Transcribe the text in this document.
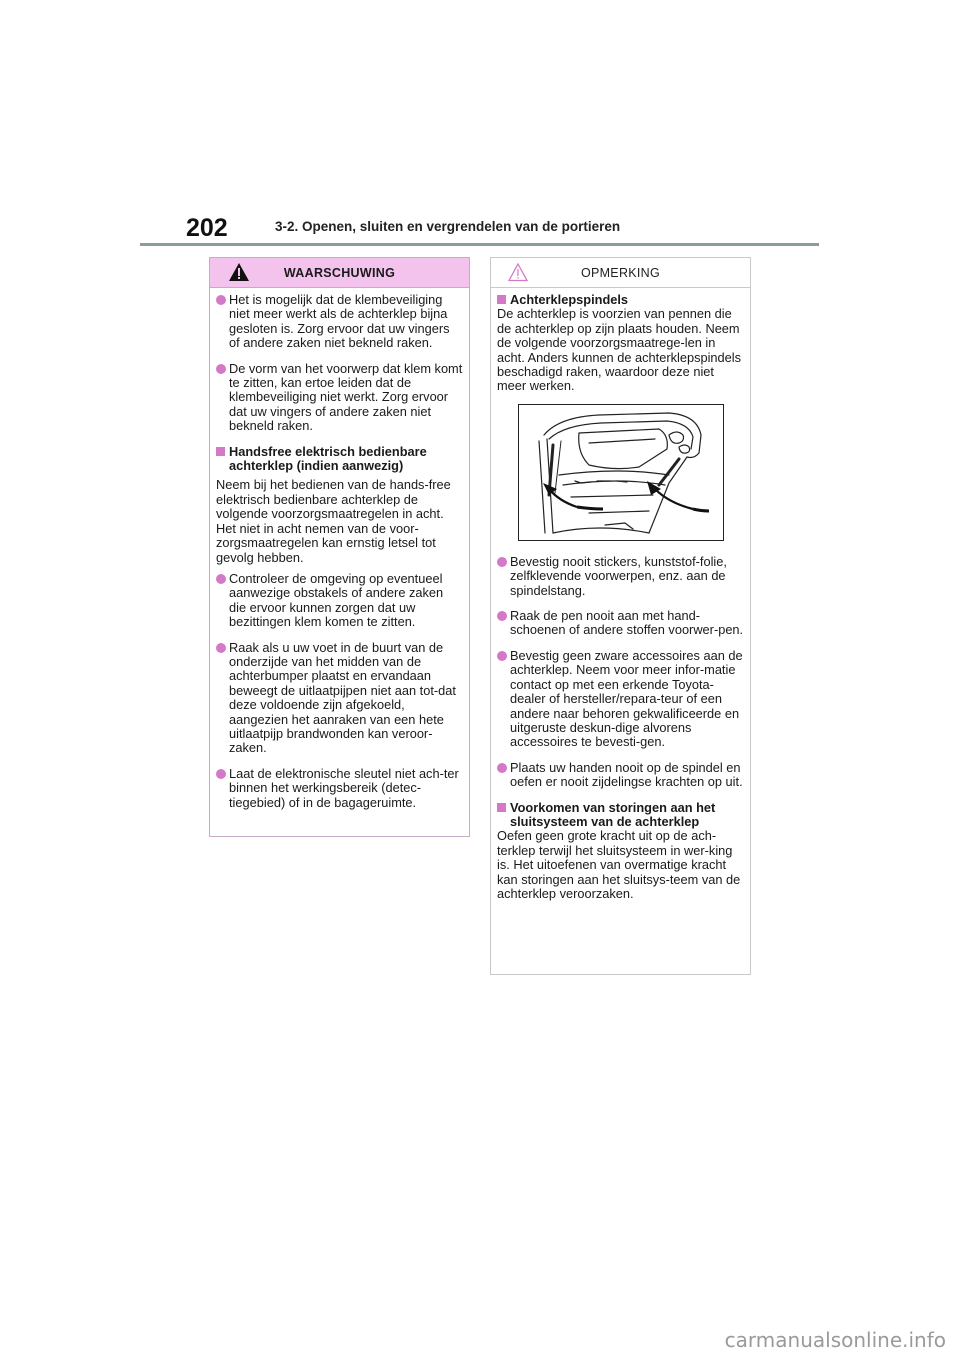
202	3-2. Openen, sluiten en vergrendelen van de portieren
WAARSCHUWING
Het is mogelijk dat de klembeveiliging niet meer werkt als de achterklep bijna gesloten is. Zorg ervoor dat uw vingers of andere zaken niet bekneld raken.
De vorm van het voorwerp dat klem komt te zitten, kan ertoe leiden dat de klembeveiliging niet werkt. Zorg ervoor dat uw vingers of andere zaken niet bekneld raken.
Handsfree elektrisch bedienbare achterklep (indien aanwezig)
Neem bij het bedienen van de hands-free elektrisch bedienbare achterklep de volgende voorzorgsmaatregelen in acht. Het niet in acht nemen van de voor-zorgsmaatregelen kan ernstig letsel tot gevolg hebben.
Controleer de omgeving op eventueel aanwezige obstakels of andere zaken die ervoor kunnen zorgen dat uw bezittingen klem komen te zitten.
Raak als u uw voet in de buurt van de onderzijde van het midden van de achterbumper plaatst en ervandaan beweegt de uitlaatpijpen niet aan tot-dat deze voldoende zijn afgekoeld, aangezien het aanraken van een hete uitlaatpijp brandwonden kan veroor-zaken.
Laat de elektronische sleutel niet ach-ter binnen het werkingsbereik (detec-tiegebied) of in de bagageruimte.
OPMERKING
Achterklepspindels
De achterklep is voorzien van pennen die de achterklep op zijn plaats houden. Neem de volgende voorzorgsmaatrege-len in acht. Anders kunnen de achterklepspindels beschadigd raken, waardoor deze niet meer werken.
Bevestig nooit stickers, kunststof-folie, zelfklevende voorwerpen, enz. aan de spindelstang.
Raak de pen nooit aan met hand-schoenen of andere stoffen voorwer-pen.
Bevestig geen zware accessoires aan de achterklep. Neem voor meer infor-matie contact op met een erkende Toyota-dealer of hersteller/repara-teur of een andere naar behoren gekwalificeerde en uitgeruste deskun-dige alvorens accessoires te bevesti-gen.
Plaats uw handen nooit op de spindel en oefen er nooit zijdelingse krachten op uit.
Voorkomen van storingen aan het sluitsysteem van de achterklep
Oefen geen grote kracht uit op de ach-terklep terwijl het sluitsysteem in wer-king is. Het uitoefenen van overmatige kracht kan storingen aan het sluitsys-teem van de achterklep veroorzaken.
carmanualsonline.info
